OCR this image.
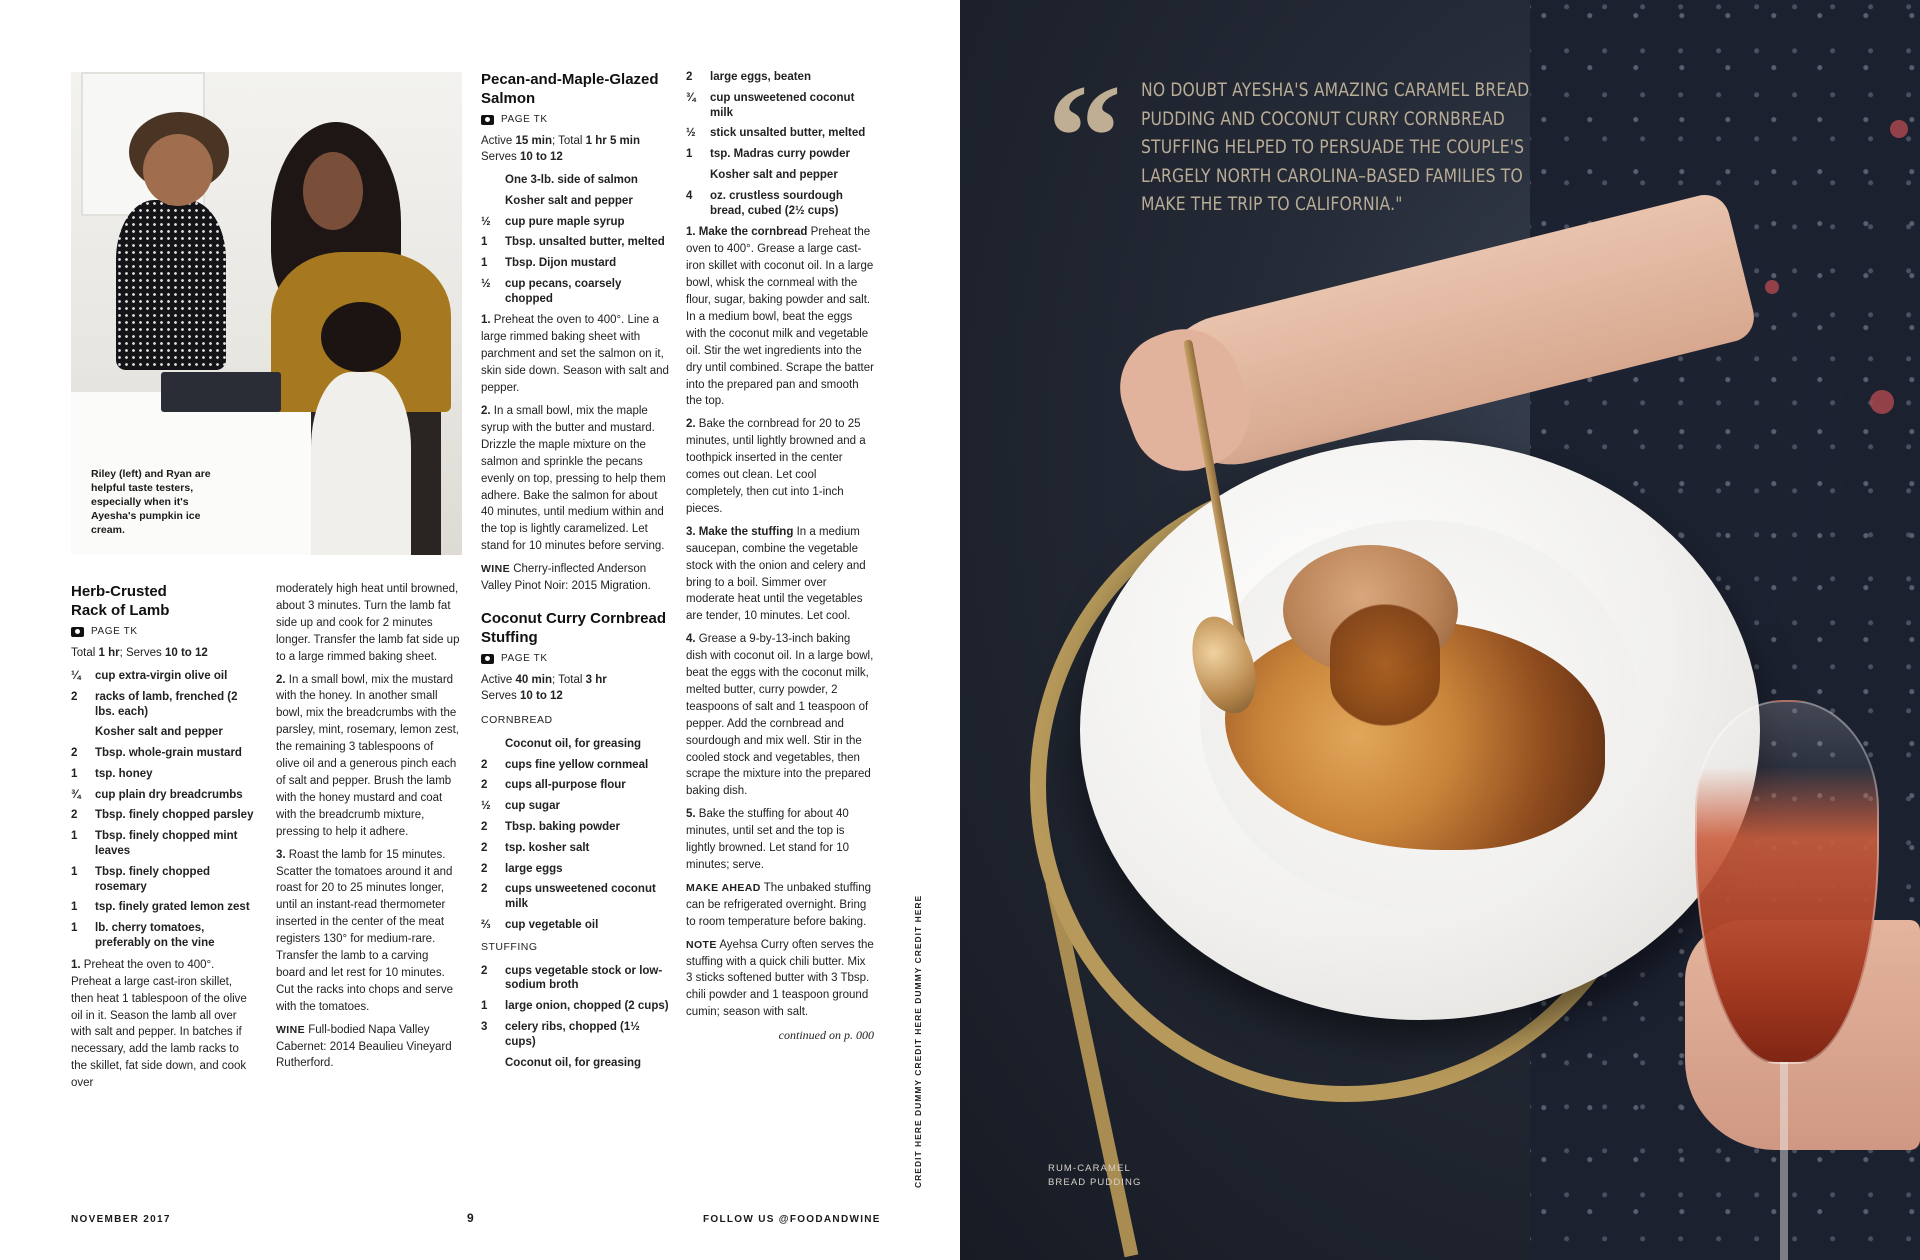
Riley (left) and Ryan are helpful taste testers, especially when it's Ayesha's pumpkin ice cream.
Herb-Crusted
Rack of Lamb
PAGE TK
Total 1 hr; Serves 10 to 12
¼	cup extra-virgin olive oil
2	racks of lamb, frenched (2 lbs. each)
Kosher salt and pepper
2	Tbsp. whole-grain mustard
1	tsp. honey
¾	cup plain dry breadcrumbs
2	Tbsp. finely chopped parsley
1	Tbsp. finely chopped mint leaves
1	Tbsp. finely chopped rosemary
1	tsp. finely grated lemon zest
1	lb. cherry tomatoes, preferably on the vine

1. Preheat the oven to 400°. Preheat a large cast-iron skillet, then heat 1 tablespoon of the olive oil in it. Season the lamb all over with salt and pepper. In batches if necessary, add the lamb racks to the skillet, fat side down, and cook over

moderately high heat until browned, about 3 minutes. Turn the lamb fat side up and cook for 2 minutes longer. Transfer the lamb fat side up to a large rimmed baking sheet.

2. In a small bowl, mix the mustard with the honey. In another small bowl, mix the breadcrumbs with the parsley, mint, rosemary, lemon zest, the remaining 3 tablespoons of olive oil and a generous pinch each of salt and pepper. Brush the lamb with the honey mustard and coat with the breadcrumb mixture, pressing to help it adhere.

3. Roast the lamb for 15 minutes. Scatter the tomatoes around it and roast for 20 to 25 minutes longer, until an instant-read thermometer inserted in the center of the meat registers 130° for medium-rare. Transfer the lamb to a carving board and let rest for 10 minutes. Cut the racks into chops and serve with the tomatoes.

WINE Full-bodied Napa Valley Cabernet: 2014 Beaulieu Vineyard Rutherford.

Pecan-and-Maple-Glazed Salmon
PAGE TK
Active 15 min; Total 1 hr 5 min
Serves 10 to 12
One 3-lb. side of salmon
Kosher salt and pepper
½	cup pure maple syrup
1	Tbsp. unsalted butter, melted
1	Tbsp. Dijon mustard
½	cup pecans, coarsely chopped

1. Preheat the oven to 400°. Line a large rimmed baking sheet with parchment and set the salmon on it, skin side down. Season with salt and pepper.

2. In a small bowl, mix the maple syrup with the butter and mustard. Drizzle the maple mixture on the salmon and sprinkle the pecans evenly on top, pressing to help them adhere. Bake the salmon for about 40 minutes, until medium within and the top is lightly caramelized. Let stand for 10 minutes before serving.

WINE Cherry-inflected Anderson Valley Pinot Noir: 2015 Migration.

Coconut Curry Cornbread Stuffing
PAGE TK
Active 40 min; Total 3 hr
Serves 10 to 12
CORNBREAD
Coconut oil, for greasing
2	cups fine yellow cornmeal
2	cups all-purpose flour
½	cup sugar
2	Tbsp. baking powder
2	tsp. kosher salt
2	large eggs
2	cups unsweetened coconut milk
⅔	cup vegetable oil
STUFFING
2	cups vegetable stock or low-sodium broth
1	large onion, chopped (2 cups)
3	celery ribs, chopped (1½ cups)
Coconut oil, for greasing
2	large eggs, beaten
¾	cup unsweetened coconut milk
½	stick unsalted butter, melted
1	tsp. Madras curry powder
Kosher salt and pepper
4	oz. crustless sourdough bread, cubed (2½ cups)

1. Make the cornbread Preheat the oven to 400°. Grease a large cast-iron skillet with coconut oil. In a large bowl, whisk the cornmeal with the flour, sugar, baking powder and salt. In a medium bowl, beat the eggs with the coconut milk and vegetable oil. Stir the wet ingredients into the dry until combined. Scrape the batter into the prepared pan and smooth the top.

2. Bake the cornbread for 20 to 25 minutes, until lightly browned and a toothpick inserted in the center comes out clean. Let cool completely, then cut into 1-inch pieces.

3. Make the stuffing In a medium saucepan, combine the vegetable stock with the onion and celery and bring to a boil. Simmer over moderate heat until the vegetables are tender, 10 minutes. Let cool.

4. Grease a 9-by-13-inch baking dish with coconut oil. In a large bowl, beat the eggs with the coconut milk, melted butter, curry powder, 2 teaspoons of salt and 1 teaspoon of pepper. Add the cornbread and sourdough and mix well. Stir in the cooled stock and vegetables, then scrape the mixture into the prepared baking dish.

5. Bake the stuffing for about 40 minutes, until set and the top is lightly browned. Let stand for 10 minutes; serve.

MAKE AHEAD The unbaked stuffing can be refrigerated overnight. Bring to room temperature before baking.

NOTE Ayehsa Curry often serves the stuffing with a quick chili butter. Mix 3 sticks softened butter with 3 Tbsp. chili powder and 1 teaspoon ground cumin; season with salt.

continued on p. 000
NOVEMBER 2017	9	FOLLOW US @FOODANDWINE
CREDIT HERE DUMMY CREDIT HERE DUMMY CREDIT HERE
“ NO DOUBT AYESHA'S AMAZING CARAMEL BREAD PUDDING AND COCONUT CURRY CORNBREAD STUFFING HELPED TO PERSUADE THE COUPLE'S LARGELY NORTH CAROLINA–BASED FAMILIES TO MAKE THE TRIP TO CALIFORNIA."
RUM-CARAMEL
BREAD PUDDING
